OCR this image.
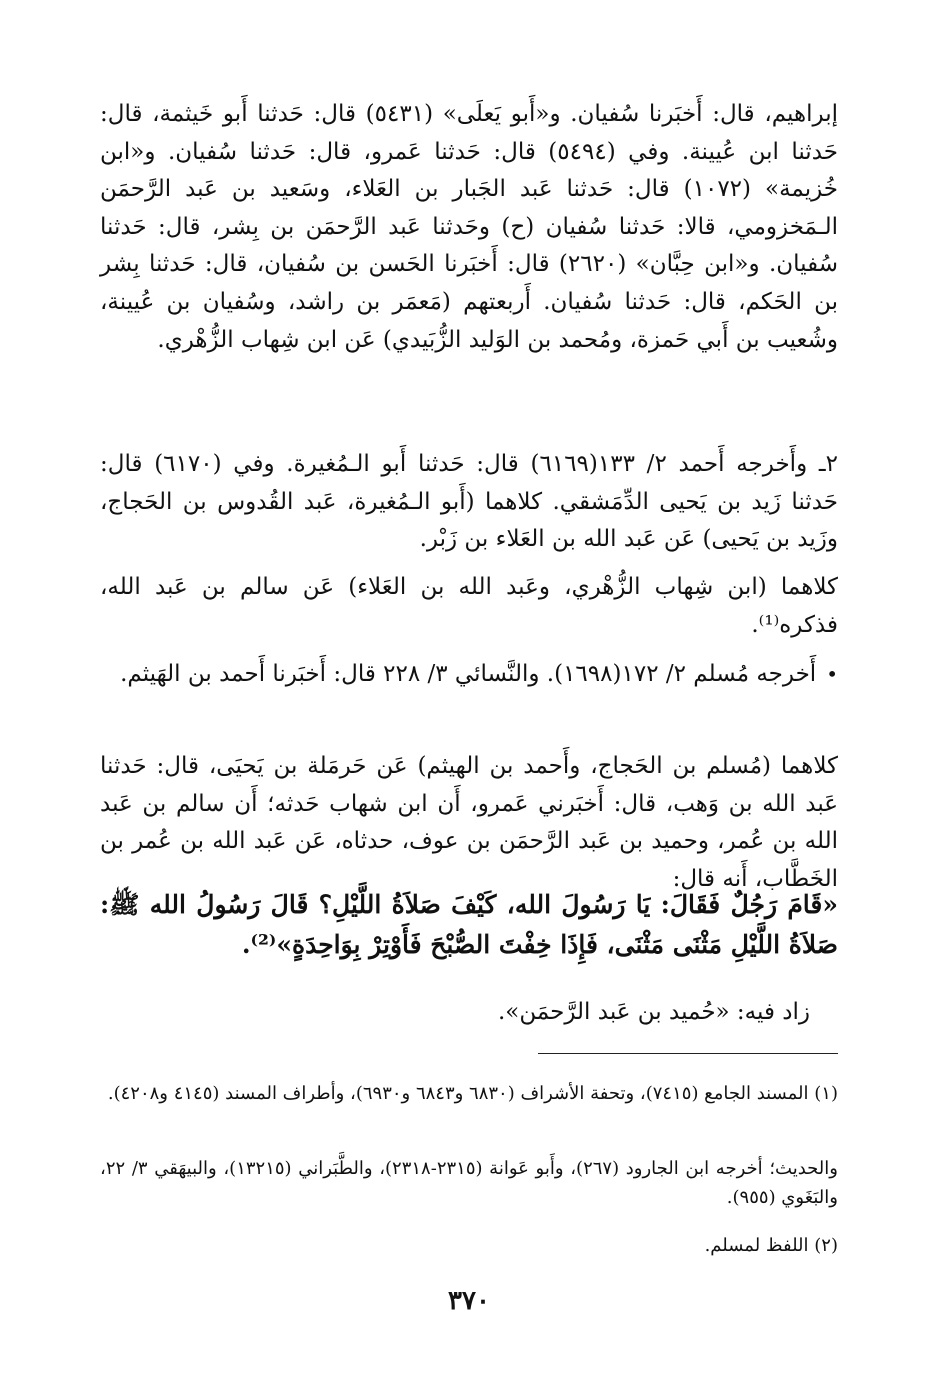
إبراهيم، قال: أَخبَرنا سُفيان. و«أَبو يَعلَى» (٥٤٣١) قال: حَدثنا أَبو خَيثمة، قال: حَدثنا ابن عُيينة. وفي (٥٤٩٤) قال: حَدثنا عَمرو، قال: حَدثنا سُفيان. و«ابن خُزيمة» (١٠٧٢) قال: حَدثنا عَبد الجَبار بن العَلاء، وسَعيد بن عَبد الرَّحمَن الـمَخزومي، قالا: حَدثنا سُفيان (ح) وحَدثنا عَبد الرَّحمَن بن بِشر، قال: حَدثنا سُفيان. و«ابن حِبَّان» (٢٦٢٠) قال: أَخبَرنا الحَسن بن سُفيان، قال: حَدثنا بِشر بن الحَكم، قال: حَدثنا سُفيان. أَربعتهم (مَعمَر بن راشد، وسُفيان بن عُيينة، وشُعيب بن أَبي حَمزة، ومُحمد بن الوَليد الزُّبَيدي) عَن ابن شِهاب الزُّهْري.

٢ـ وأَخرجه أَحمد ٢/ ١٣٣(٦١٦٩) قال: حَدثنا أَبو الـمُغيرة. وفي (٦١٧٠) قال: حَدثنا زَيد بن يَحيى الدِّمَشقي. كلاهما (أَبو الـمُغيرة، عَبد القُدوس بن الحَجاج، وزَيد بن يَحيى) عَن عَبد الله بن العَلاء بن زَبْر.

كلاهما (ابن شِهاب الزُّهْري، وعَبد الله بن العَلاء) عَن سالم بن عَبد الله، فذكره⁽¹⁾.

•أَخرجه مُسلم ٢/ ١٧٢(١٦٩٨). والنَّسائي ٣/ ٢٢٨ قال: أَخبَرنا أَحمد بن الهَيثم.

كلاهما (مُسلم بن الحَجاج، وأَحمد بن الهيثم) عَن حَرمَلة بن يَحيَى، قال: حَدثنا عَبد الله بن وَهب، قال: أَخبَرني عَمرو، أَن ابن شهاب حَدثه؛ أَن سالم بن عَبد الله بن عُمر، وحميد بن عَبد الرَّحمَن بن عوف، حدثاه، عَن عَبد الله بن عُمر بن الخَطَّاب، أَنه قال:

«قَامَ رَجُلٌ فَقَالَ: يَا رَسُولَ الله، كَيْفَ صَلاَةُ اللَّيْلِ؟ قَالَ رَسُولُ الله ﷺ: صَلاَةُ اللَّيْلِ مَثْنَى مَثْنَى، فَإِذَا خِفْتَ الصُّبْحَ فَأَوْتِرْ بِوَاحِدَةٍ»⁽²⁾.

زاد فيه: «حُميد بن عَبد الرَّحمَن».

(١) المسند الجامع (٧٤١٥)، وتحفة الأشراف (٦٨٣٠ و٦٨٤٣ و٦٩٣٠)، وأطراف المسند (٤١٤٥ و٤٢٠٨).

والحديث؛ أخرجه ابن الجارود (٢٦٧)، وأَبو عَوانة (٢٣١٥-٢٣١٨)، والطَّبَراني (١٣٢١٥)، والبيهَقي ٣/ ٢٢، والبَغَوي (٩٥٥).

(٢) اللفظ لمسلم.

٣٧٠
